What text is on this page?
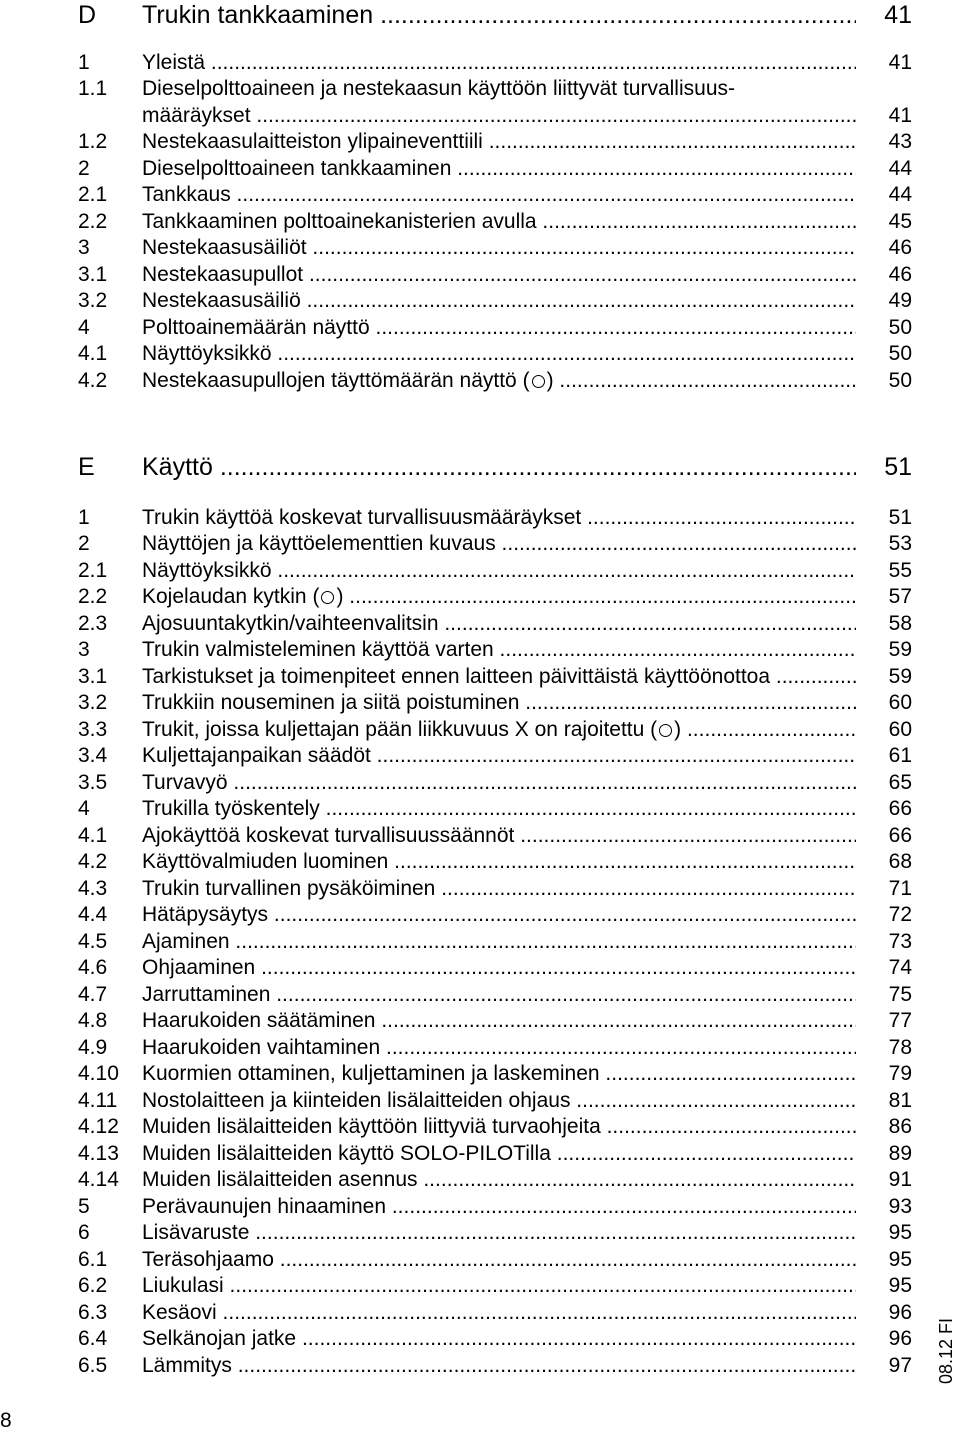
D Trukin tankkaaminen .....	41
1 Yleistä .....	41
1.1 Dieselpolttoaineen ja nestekaasun käyttöön liittyvät turvallisuus-
määräykset .....	41
1.2 Nestekaasulaitteiston ylipaineventtiili .....	43
2 Dieselpolttoaineen tankkaaminen .....	44
2.1 Tankkaus .....	44
2.2 Tankkaaminen polttoainekanisterien avulla .....	45
3 Nestekaasusäiliöt .....	46
3.1 Nestekaasupullot .....	46
3.2 Nestekaasusäiliö .....	49
4 Polttoainemäärän näyttö .....	50
4.1 Näyttöyksikkö .....	50
4.2 Nestekaasupullojen täyttömäärän näyttö ( ) .....	50
E Käyttö .....	51
1 Trukin käyttöä koskevat turvallisuusmääräykset .....	51
2 Näyttöjen ja käyttöelementtien kuvaus .....	53
2.1 Näyttöyksikkö .....	55
2.2 Kojelaudan kytkin ( ) .....	57
2.3 Ajosuuntakytkin/vaihteenvalitsin .....	58
3 Trukin valmisteleminen käyttöä varten .....	59
3.1 Tarkistukset ja toimenpiteet ennen laitteen päivittäistä käyttöönottoa .....	59
3.2 Trukkiin nouseminen ja siitä poistuminen .....	60
3.3 Trukit, joissa kuljettajan pään liikkuvuus X on rajoitettu ( ) .....	60
3.4 Kuljettajanpaikan säädöt .....	61
3.5 Turvavyö .....	65
4 Trukilla työskentely .....	66
4.1 Ajokäyttöä koskevat turvallisuussäännöt .....	66
4.2 Käyttövalmiuden luominen .....	68
4.3 Trukin turvallinen pysäköiminen .....	71
4.4 Hätäpysäytys .....	72
4.5 Ajaminen .....	73
4.6 Ohjaaminen .....	74
4.7 Jarruttaminen .....	75
4.8 Haarukoiden säätäminen .....	77
4.9 Haarukoiden vaihtaminen .....	78
4.10 Kuormien ottaminen, kuljettaminen ja laskeminen .....	79
4.11 Nostolaitteen ja kiinteiden lisälaitteiden ohjaus .....	81
4.12 Muiden lisälaitteiden käyttöön liittyviä turvaohjeita .....	86
4.13 Muiden lisälaitteiden käyttö SOLO-PILOTilla .....	89
4.14 Muiden lisälaitteiden asennus .....	91
5 Perävaunujen hinaaminen .....	93
6 Lisävaruste .....	95
6.1 Teräsohjaamo .....	95
6.2 Liukulasi .....	95
6.3 Kesäovi .....	96
6.4 Selkänojan jatke .....	96
6.5 Lämmitys .....	97 08.12 FI
8
